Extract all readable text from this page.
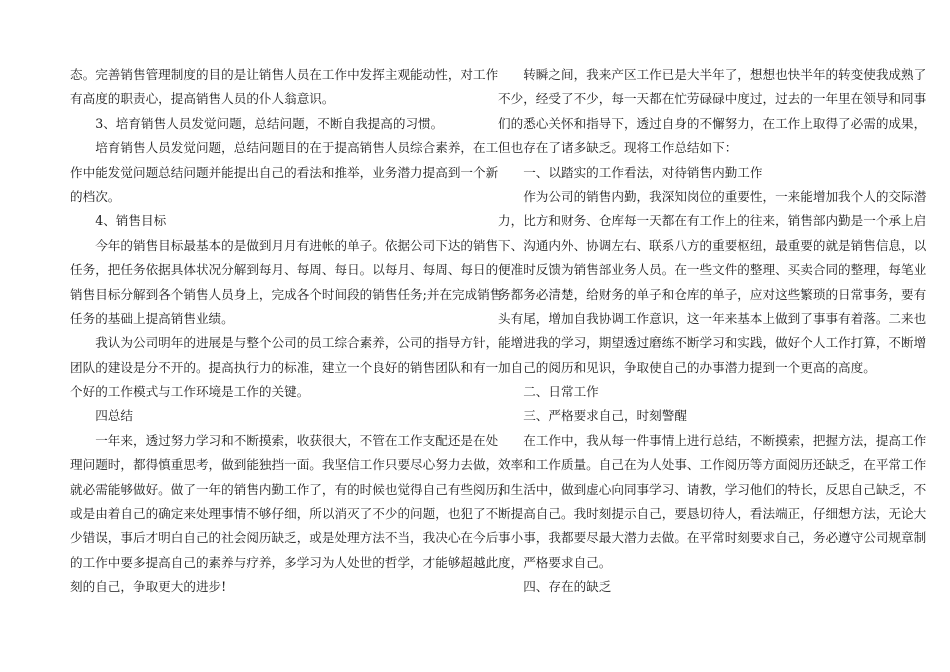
态。完善销售管理制度的目的是让销售人员在工作中发挥主观能动性，对工作
有高度的职责心，提高销售人员的仆人翁意识。
3、培育销售人员发觉问题，总结问题，不断自我提高的习惯。
培育销售人员发觉问题，总结问题目的在于提高销售人员综合素养，在工
作中能发觉问题总结问题并能提出自己的看法和推举，业务潜力提高到一个新
的档次。
4、销售目标
今年的销售目标最基本的是做到月月有进帐的单子。依据公司下达的销售
任务，把任务依据具体状况分解到每月、每周、每日。以每月、每周、每日的
销售目标分解到各个销售人员身上，完成各个时间段的销售任务;并在完成销售
任务的基础上提高销售业绩。
我认为公司明年的进展是与整个公司的员工综合素养，公司的指导方针，
团队的建设是分不开的。提高执行力的标准，建立一个良好的销售团队和有一
个好的工作模式与工作环境是工作的关键。
四总结
一年来，透过努力学习和不断摸索，收获很大，不管在工作支配还是在处
理问题时，都得慎重思考，做到能独挡一面。我坚信工作只要尽心努力去做，
就必需能够做好。做了一年的销售内勤工作了，有的时候也觉得自己有些阅历，
或是由着自己的确定来处理事情不够仔细，所以消灭了不少的问题，也犯了不
少错误，事后才明白自己的社会阅历缺乏，或是处理方法不当，我决心在今后
的工作中要多提高自己的素养与疗养，多学习为人处世的哲学，才能够超越此
刻的自己，争取更大的进步!
转瞬之间，我来产区工作已是大半年了，想想也快半年的转变使我成熟了
不少，经受了不少，每一天都在忙劳碌碌中度过，过去的一年里在领导和同事
们的悉心关怀和指导下，透过自身的不懈努力，在工作上取得了必需的成果，
但也存在了诸多缺乏。现将工作总结如下：
一、以踏实的工作看法，对待销售内勤工作
作为公司的销售内勤，我深知岗位的重要性，一来能增加我个人的交际潜
力，比方和财务、仓库每一天都在有工作上的往来，销售部内勤是一个承上启
下、沟通内外、协调左右、联系八方的重要枢纽，最重要的就是销售信息，以
便准时反馈为销售部业务人员。在一些文件的整理、买卖合同的整理，每笔业
务都务必清楚，给财务的单子和仓库的单子，应对这些繁琐的日常事务，要有
头有尾，增加自我协调工作意识，这一年来基本上做到了事事有着落。二来也
能增进我的学习，期望透过磨练不断学习和实践，做好个人工作打算，不断增
加自己的阅历和见识，争取使自己的办事潜力提到一个更高的高度。
二、日常工作
三、严格要求自己，时刻警醒
在工作中，我从每一件事情上进行总结，不断摸索，把握方法，提高工作
效率和工作质量。自己在为人处事、工作阅历等方面阅历还缺乏，在平常工作
和生活中，做到虚心向同事学习、请教，学习他们的特长，反思自己缺乏，不
断提高自己。我时刻提示自己，要恳切待人，看法端正，仔细想方法，无论大
事小事，我都要尽最大潜力去做。在平常时刻要求自己，务必遵守公司规章制
度，严格要求自己。
四、存在的缺乏
